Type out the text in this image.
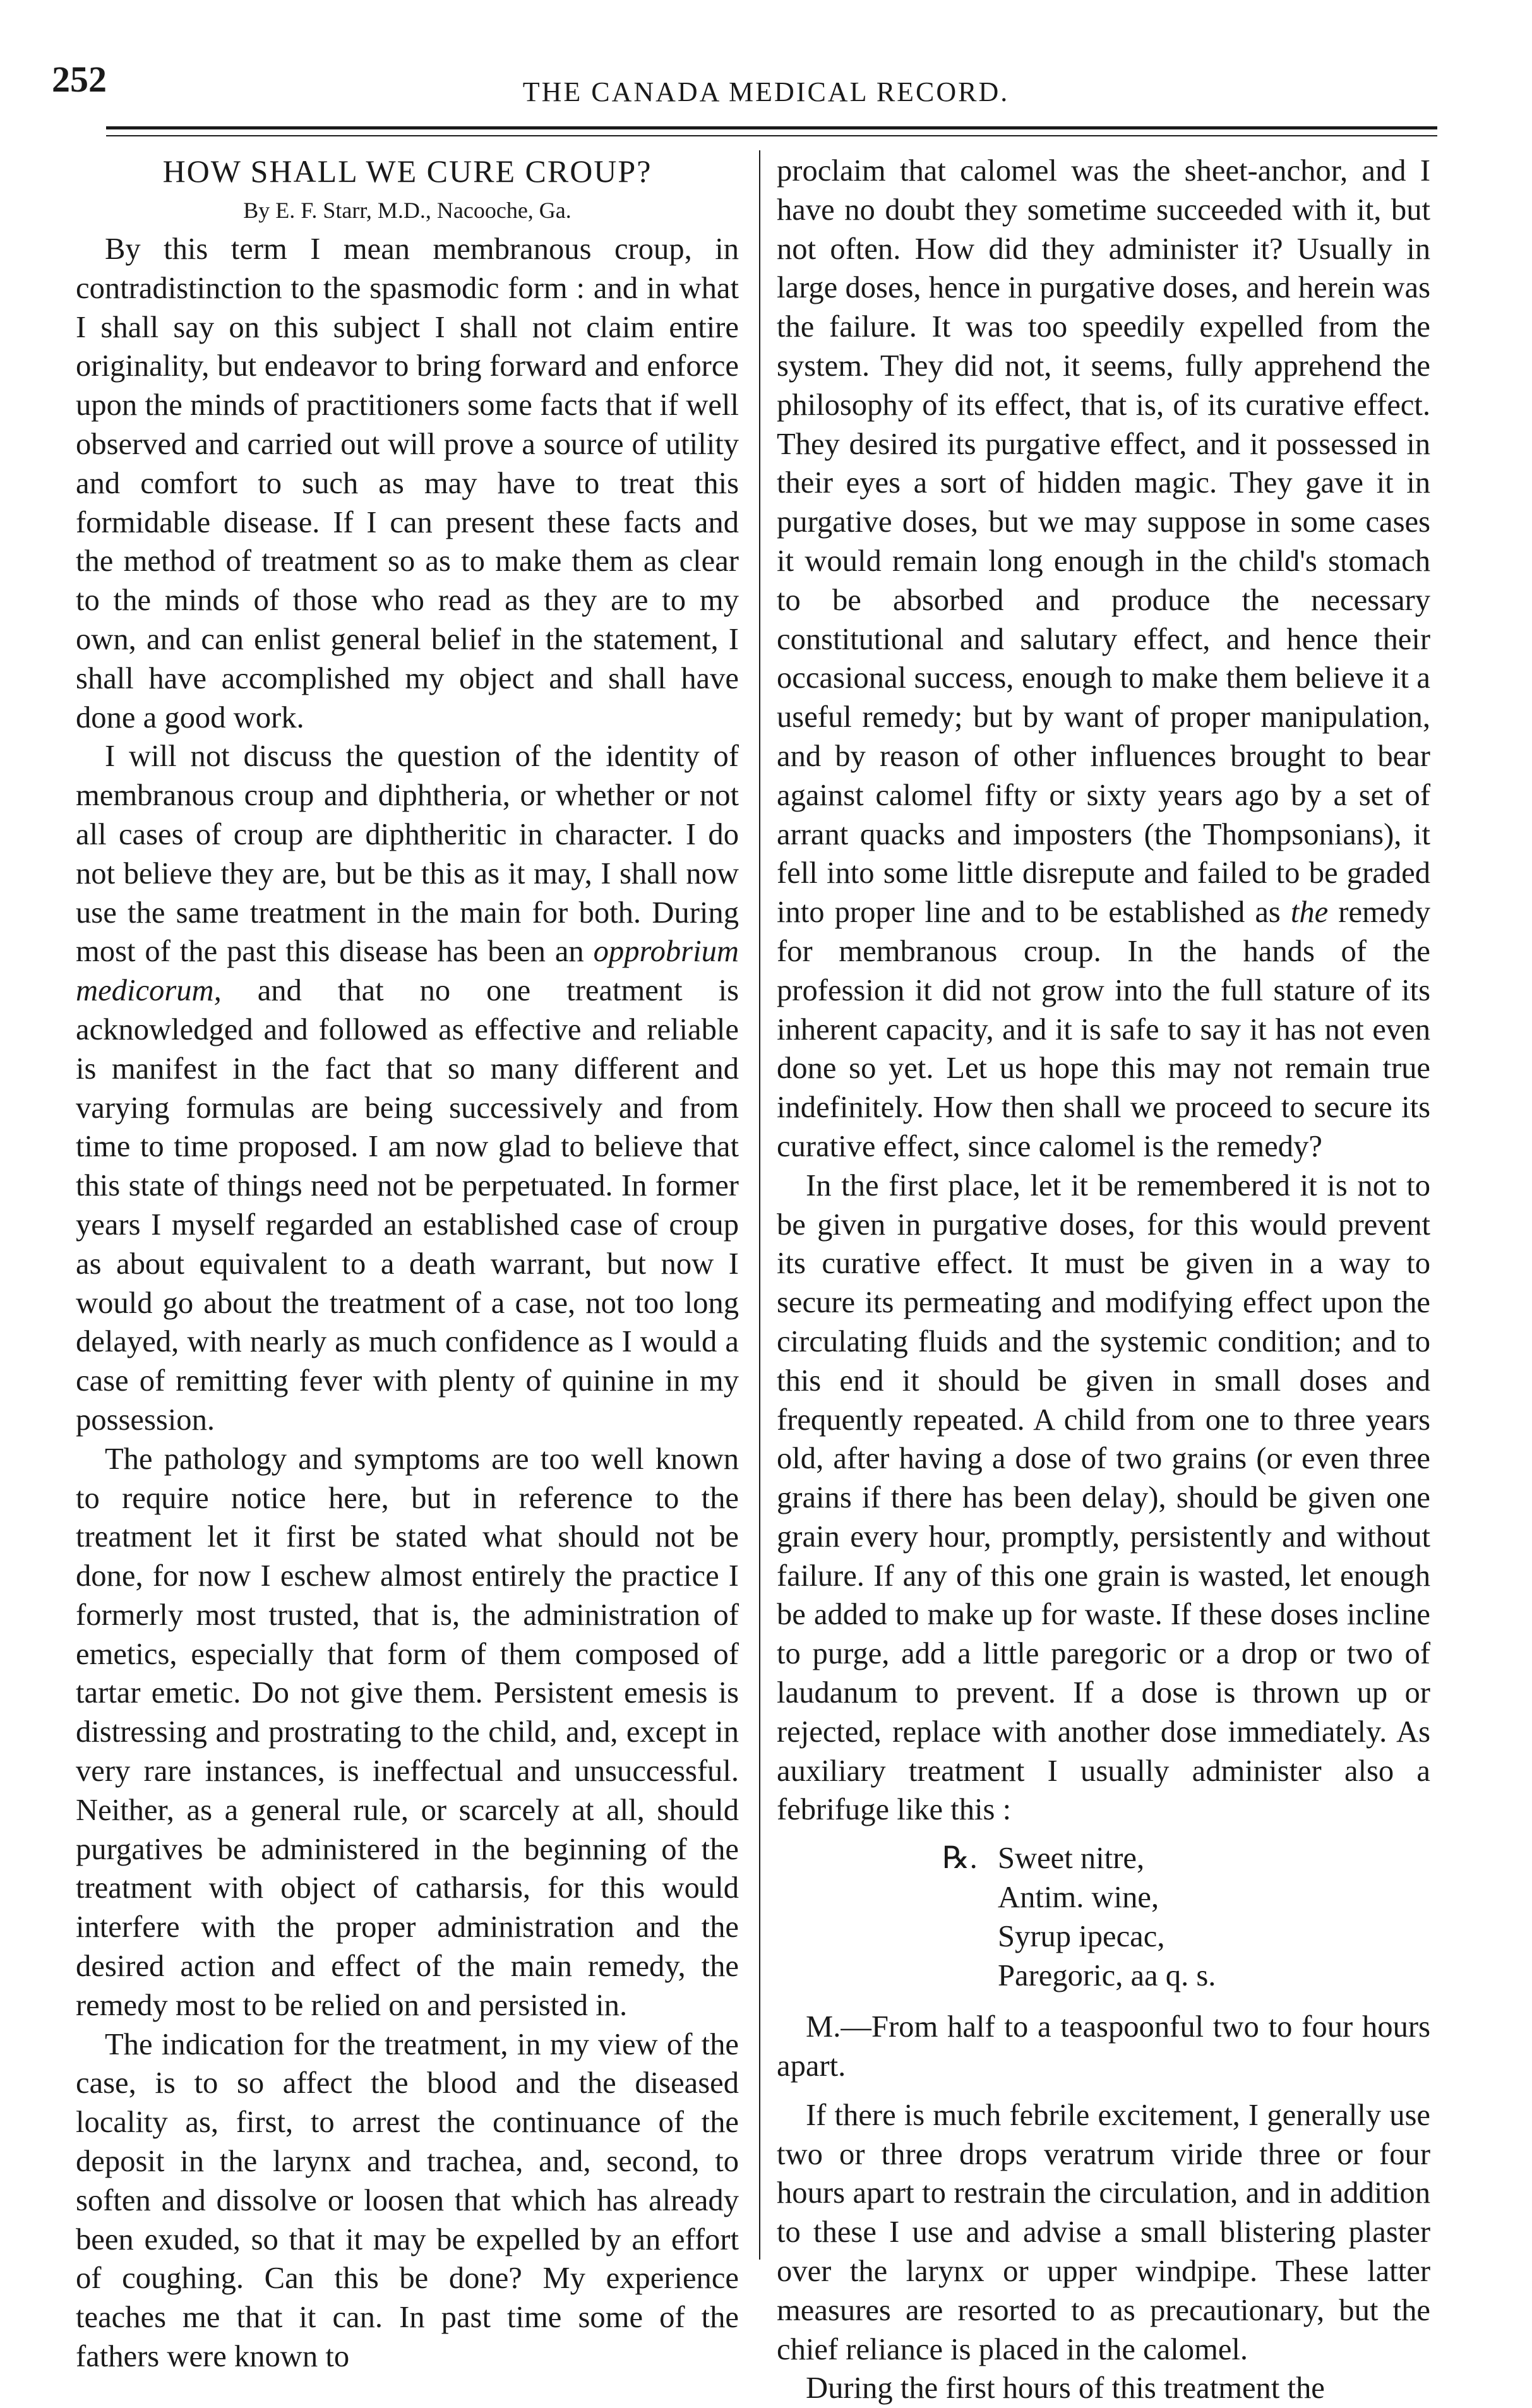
252	THE CANADA MEDICAL RECORD.
HOW SHALL WE CURE CROUP?

By E. F. Starr, M.D., Nacooche, Ga.

By this term I mean membranous croup, in contradistinction to the spasmodic form : and in what I shall say on this subject I shall not claim entire originality, but endeavor to bring forward and enforce upon the minds of practitioners some facts that if well observed and carried out will prove a source of utility and comfort to such as may have to treat this formidable disease. If I can present these facts and the method of treatment so as to make them as clear to the minds of those who read as they are to my own, and can enlist general belief in the statement, I shall have accomplished my object and shall have done a good work.

I will not discuss the question of the identity of membranous croup and diphtheria, or whether or not all cases of croup are diphtheritic in character. I do not believe they are, but be this as it may, I shall now use the same treatment in the main for both. During most of the past this disease has been an opprobrium medicorum, and that no one treatment is acknowledged and followed as effective and reliable is manifest in the fact that so many different and varying formulas are being successively and from time to time proposed. I am now glad to believe that this state of things need not be perpetuated. In former years I myself regarded an established case of croup as about equivalent to a death warrant, but now I would go about the treatment of a case, not too long delayed, with nearly as much confidence as I would a case of remitting fever with plenty of quinine in my possession.

The pathology and symptoms are too well known to require notice here, but in reference to the treatment let it first be stated what should not be done, for now I eschew almost entirely the practice I formerly most trusted, that is, the administration of emetics, especially that form of them composed of tartar emetic. Do not give them. Persistent emesis is distressing and prostrating to the child, and, except in very rare instances, is ineffectual and unsuccessful. Neither, as a general rule, or scarcely at all, should purgatives be administered in the beginning of the treatment with object of catharsis, for this would interfere with the proper administration and the desired action and effect of the main remedy, the remedy most to be relied on and persisted in.

The indication for the treatment, in my view of the case, is to so affect the blood and the diseased locality as, first, to arrest the continuance of the deposit in the larynx and trachea, and, second, to soften and dissolve or loosen that which has already been exuded, so that it may be expelled by an effort of coughing. Can this be done? My experience teaches me that it can. In past time some of the fathers were known to

proclaim that calomel was the sheet-anchor, and I have no doubt they sometime succeeded with it, but not often. How did they administer it? Usually in large doses, hence in purgative doses, and herein was the failure. It was too speedily expelled from the system. They did not, it seems, fully apprehend the philosophy of its effect, that is, of its curative effect. They desired its purgative effect, and it possessed in their eyes a sort of hidden magic. They gave it in purgative doses, but we may suppose in some cases it would remain long enough in the child's stomach to be absorbed and produce the necessary constitutional and salutary effect, and hence their occasional success, enough to make them believe it a useful remedy; but by want of proper manipulation, and by reason of other influences brought to bear against calomel fifty or sixty years ago by a set of arrant quacks and imposters (the Thompsonians), it fell into some little disrepute and failed to be graded into proper line and to be established as the remedy for membranous croup. In the hands of the profession it did not grow into the full stature of its inherent capacity, and it is safe to say it has not even done so yet. Let us hope this may not remain true indefinitely. How then shall we proceed to secure its curative effect, since calomel is the remedy?

In the first place, let it be remembered it is not to be given in purgative doses, for this would prevent its curative effect. It must be given in a way to secure its permeating and modifying effect upon the circulating fluids and the systemic condition; and to this end it should be given in small doses and frequently repeated. A child from one to three years old, after having a dose of two grains (or even three grains if there has been delay), should be given one grain every hour, promptly, persistently and without failure. If any of this one grain is wasted, let enough be added to make up for waste. If these doses incline to purge, add a little paregoric or a drop or two of laudanum to prevent. If a dose is thrown up or rejected, replace with another dose immediately. As auxiliary treatment I usually administer also a febrifuge like this :

℞. Sweet nitre,
Antim. wine,
Syrup ipecac,
Paregoric, aa q. s.

M.—From half to a teaspoonful two to four hours apart.

If there is much febrile excitement, I generally use two or three drops veratrum viride three or four hours apart to restrain the circulation, and in addition to these I use and advise a small blistering plaster over the larynx or upper windpipe. These latter measures are resorted to as precautionary, but the chief reliance is placed in the calomel.

During the first hours of this treatment the
